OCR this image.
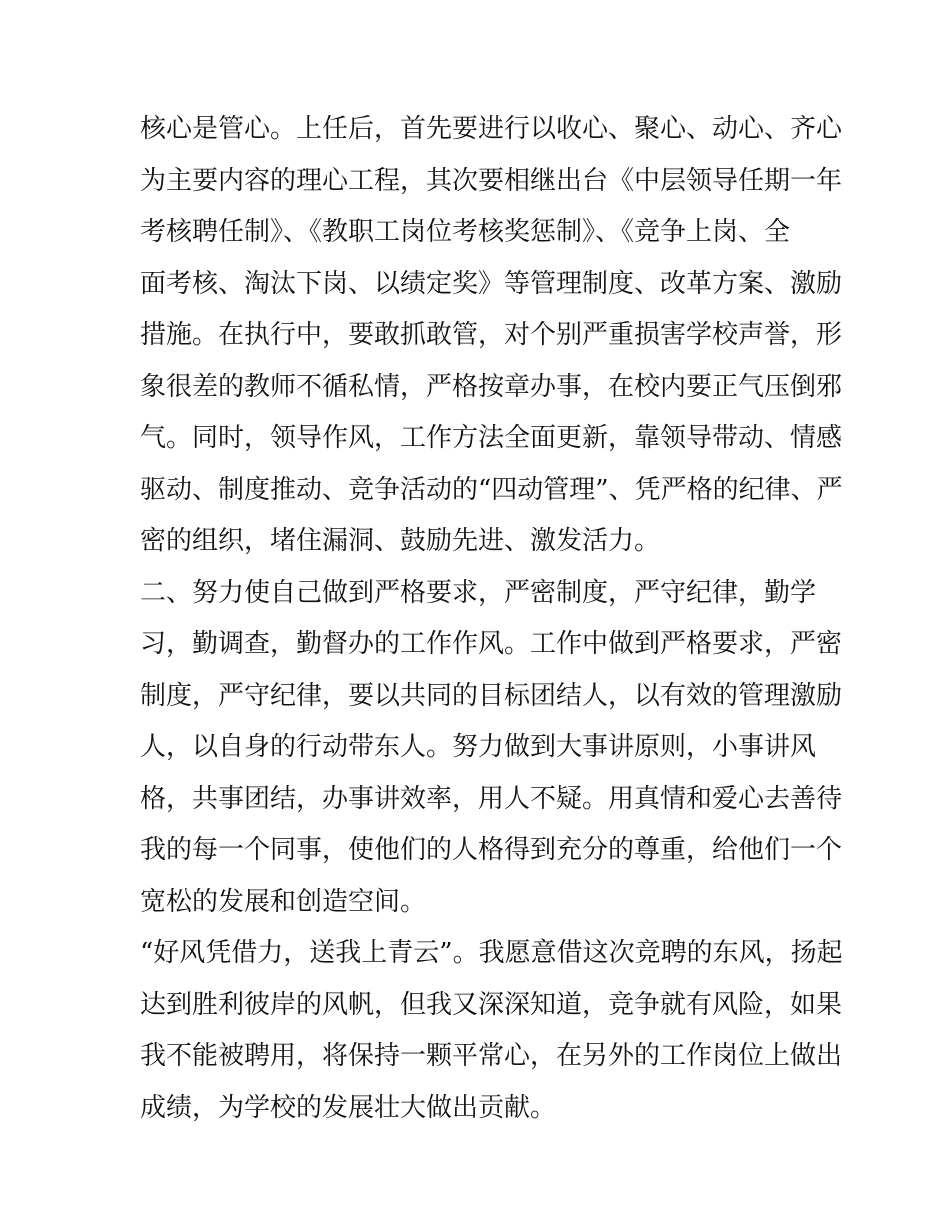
核心是管心。上任后，首先要进行以收心、聚心、动心、齐心
为主要内容的理心工程，其次要相继出台《中层领导任期一年
考核聘任制》、《教职工岗位考核奖惩制》、《竞争上岗、全
面考核、淘汰下岗、以绩定奖》等管理制度、改革方案、激励
措施。在执行中，要敢抓敢管，对个别严重损害学校声誉，形
象很差的教师不循私情，严格按章办事，在校内要正气压倒邪
气。同时，领导作风，工作方法全面更新，靠领导带动、情感
驱动、制度推动、竞争活动的“四动管理”、凭严格的纪律、严
密的组织，堵住漏洞、鼓励先进、激发活力。
二、努力使自己做到严格要求，严密制度，严守纪律，勤学
习，勤调查，勤督办的工作作风。工作中做到严格要求，严密
制度，严守纪律，要以共同的目标团结人，以有效的管理激励
人，以自身的行动带东人。努力做到大事讲原则，小事讲风
格，共事团结，办事讲效率，用人不疑。用真情和爱心去善待
我的每一个同事，使他们的人格得到充分的尊重，给他们一个
宽松的发展和创造空间。
“好风凭借力，送我上青云”。我愿意借这次竞聘的东风，扬起
达到胜利彼岸的风帆，但我又深深知道，竞争就有风险，如果
我不能被聘用，将保持一颗平常心，在另外的工作岗位上做出
成绩，为学校的发展壮大做出贡献。
